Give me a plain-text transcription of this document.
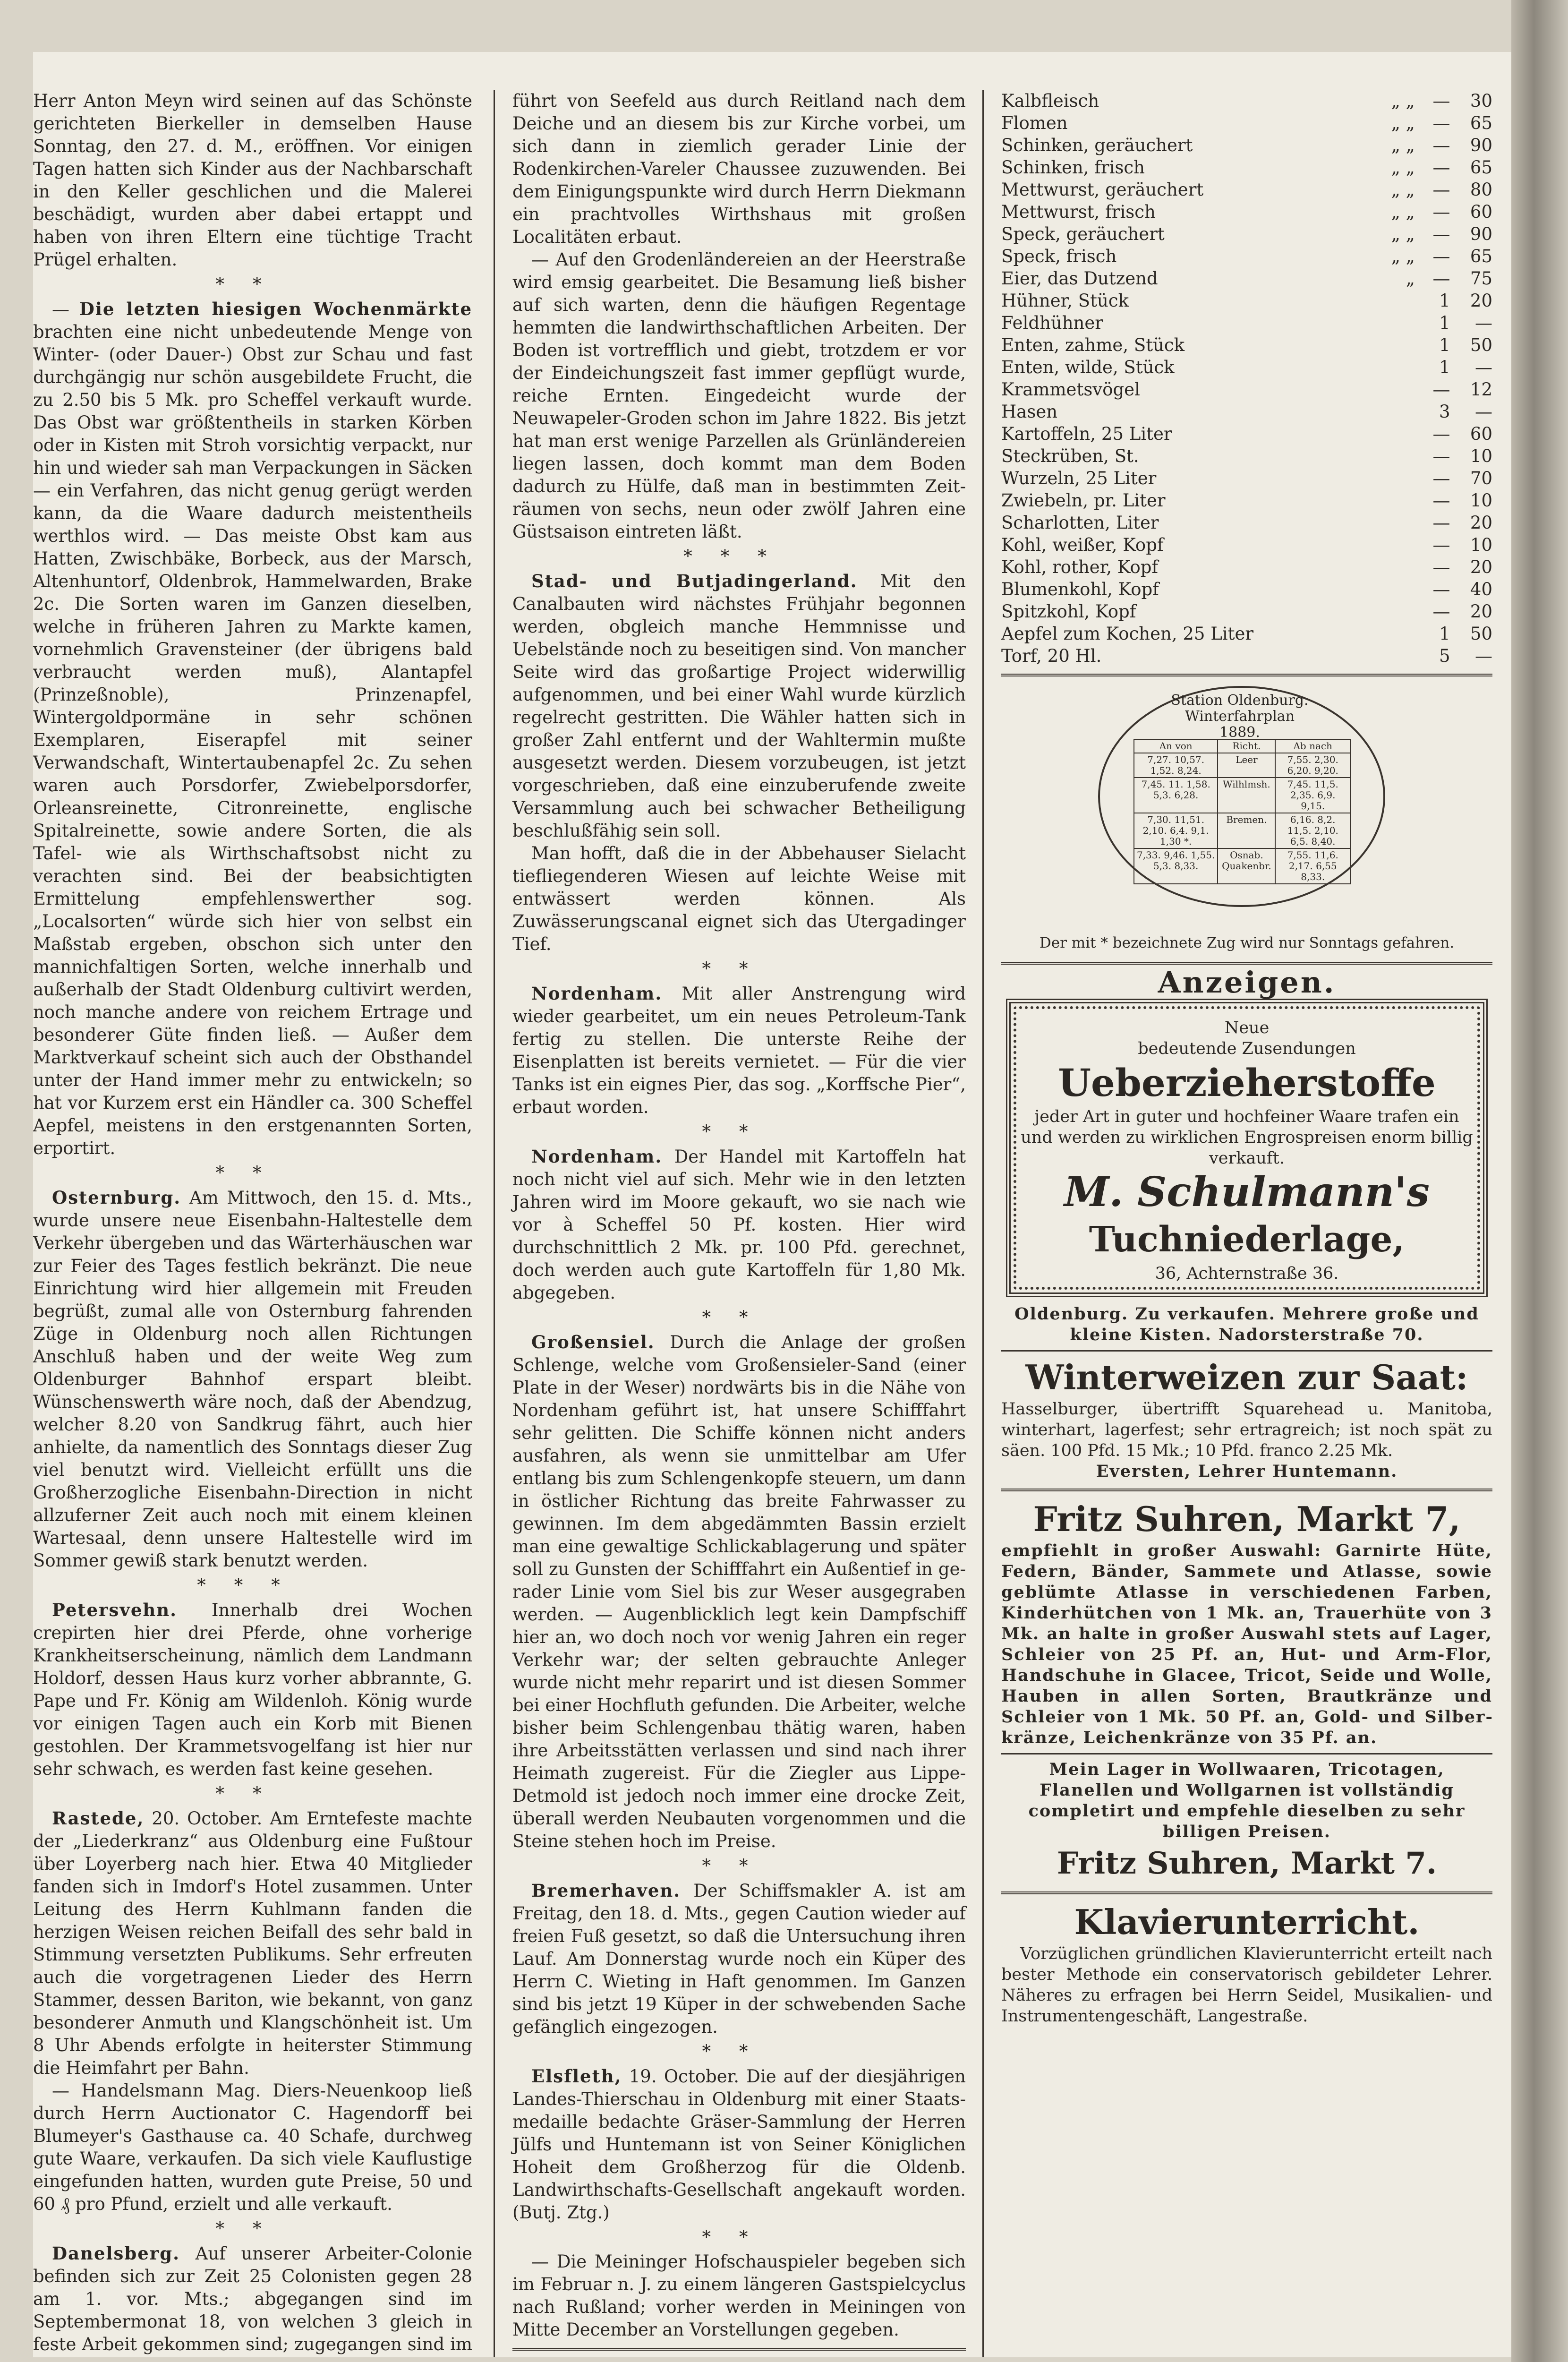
Herr Anton Meyn wird seinen auf das Schönste gerichteten Bierkeller in demselben Hause Sonntag, den 27. d. M., eröffnen. Vor einigen Tagen hatten sich Kinder aus der Nachbarschaft in den Keller geschlichen und die Malerei beschädigt, wurden aber dabei ertappt und haben von ihren Eltern eine tüchtige Tracht Prügel erhalten.

**

— Die letzten hiesigen Wochenmärkte brachten eine nicht unbedeutende Menge von Winter- (oder Dauer-) Obst zur Schau und fast durchgängig nur schön ausgebildete Frucht, die zu 2.50 bis 5 Mk. pro Scheffel verkauft wurde. Das Obst war größtentheils in starken Körben oder in Kisten mit Stroh vorsichtig verpackt, nur hin und wieder sah man Verpackungen in Säcken — ein Verfahren, das nicht genug gerügt werden kann, da die Waare dadurch meistentheils werthlos wird. — Das meiste Obst kam aus Hatten, Zwischbäke, Borbeck, aus der Marsch, Altenhuntorf, Oldenbrok, Hammelwarden, Brake 2c. Die Sorten waren im Ganzen dieselben, welche in früheren Jahren zu Markte kamen, vornehmlich Gravensteiner (der übrigens bald verbraucht werden muß), Alantapfel (Prinzeßnoble), Prinzenapfel, Wintergoldpormäne in sehr schönen Exemplaren, Eiserapfel mit seiner Verwandschaft, Wintertaubenapfel 2c. Zu sehen waren auch Porsdorfer, Zwiebelporsdorfer, Orleansreinette, Citronreinette, englische Spitalreinette, sowie andere Sorten, die als Tafel- wie als Wirthschaftsobst nicht zu verachten sind. Bei der beabsichtigten Ermittelung empfehlenswerther sog. „Localsorten“ würde sich hier von selbst ein Maßstab ergeben, obschon sich unter den mannichfaltigen Sorten, welche innerhalb und außerhalb der Stadt Oldenburg cultivirt werden, noch manche andere von reichem Ertrage und besonderer Güte finden ließ. — Außer dem Marktverkauf scheint sich auch der Obsthandel unter der Hand immer mehr zu entwickeln; so hat vor Kurzem erst ein Händler ca. 300 Scheffel Aepfel, meistens in den erstgenannten Sorten, erportirt.

**

Osternburg. Am Mittwoch, den 15. d. Mts., wurde unsere neue Eisenbahn-Haltestelle dem Verkehr übergeben und das Wärterhäuschen war zur Feier des Tages festlich bekränzt. Die neue Einrichtung wird hier allgemein mit Freuden begrüßt, zumal alle von Osternburg fahrenden Züge in Oldenburg noch allen Richtungen Anschluß haben und der weite Weg zum Oldenburger Bahnhof erspart bleibt. Wünschenswerth wäre noch, daß der Abendzug, welcher 8.20 von Sandkrug fährt, auch hier anhielte, da namentlich des Sonntags dieser Zug viel benutzt wird. Vielleicht erfüllt uns die Großherzogliche Eisenbahn-Direction in nicht allzuferner Zeit auch noch mit einem kleinen Wartesaal, denn unsere Haltestelle wird im Sommer gewiß stark benutzt werden.

***

Petersvehn. Innerhalb drei Wochen crepirten hier drei Pferde, ohne vorherige Krankheitserscheinung, nämlich dem Landmann Holdorf, dessen Haus kurz vorher abbrannte, G. Pape und Fr. König am Wildenloh. König wurde vor einigen Tagen auch ein Korb mit Bienen gestohlen. Der Krammetsvogelfang ist hier nur sehr schwach, es werden fast keine gesehen.

**

Rastede, 20. October. Am Erntefeste machte der „Liederkranz“ aus Oldenburg eine Fußtour über Loyerberg nach hier. Etwa 40 Mitglieder fanden sich in Imdorf's Hotel zusammen. Unter Leitung des Herrn Kuhlmann fanden die herzigen Weisen reichen Beifall des sehr bald in Stimmung versetzten Publikums. Sehr erfreuten auch die vorgetragenen Lieder des Herrn Stammer, dessen Bariton, wie bekannt, von ganz besonderer Anmuth und Klangschönheit ist. Um 8 Uhr Abends erfolgte in heiterster Stimmung die Heimfahrt per Bahn.

— Handelsmann Mag. Diers-Neuenkoop ließ durch Herrn Auctionator C. Hagendorff bei Blumeyer's Gasthause ca. 40 Schafe, durchweg gute Waare, verkaufen. Da sich viele Kauflustige eingefunden hatten, wurden gute Preise, 50 und 60 ₰ pro Pfund, erzielt und alle verkauft.

**

Danelsberg. Auf unserer Arbeiter-Colonie befinden sich zur Zeit 25 Colonisten gegen 28 am 1. vor. Mts.; abgegangen sind im Septembermonat 18, von welchen 3 gleich in feste Arbeit gekommen sind; zugegangen sind im

führt von Seefeld aus durch Reitland nach dem Deiche und an diesem bis zur Kirche vorbei, um sich dann in ziemlich gerader Linie der Rodenkirchen-Vareler Chaussee zuzuwenden. Bei dem Einigungspunkte wird durch Herrn Diekmann ein prachtvolles Wirthshaus mit großen Localitäten erbaut.

— Auf den Grodenländereien an der Heerstraße wird emsig gearbeitet. Die Besamung ließ bisher auf sich warten, denn die häufigen Regentage hemmten die landwirthschaftlichen Arbeiten. Der Boden ist vortrefflich und giebt, trotzdem er vor der Eindeichungszeit fast immer gepflügt wurde, reiche Ernten. Eingedeicht wurde der Neuwapeler-Groden schon im Jahre 1822. Bis jetzt hat man erst wenige Parzellen als Grünländereien liegen lassen, doch kommt man dem Boden dadurch zu Hülfe, daß man in bestimmten Zeiträumen von sechs, neun oder zwölf Jahren eine Güstsaison eintreten läßt.

***

Stad- und Butjadingerland. Mit den Canalbauten wird nächstes Frühjahr begonnen werden, obgleich manche Hemmnisse und Uebelstände noch zu beseitigen sind. Von mancher Seite wird das großartige Project widerwillig aufgenommen, und bei einer Wahl wurde kürzlich regelrecht gestritten. Die Wähler hatten sich in großer Zahl entfernt und der Wahltermin mußte ausgesetzt werden. Diesem vorzubeugen, ist jetzt vorgeschrieben, daß eine einzuberufende zweite Versammlung auch bei schwacher Betheiligung beschlußfähig sein soll.

Man hofft, daß die in der Abbehauser Sielacht tiefliegenderen Wiesen auf leichte Weise mit entwässert werden können. Als Zuwässerungscanal eignet sich das Utergadinger Tief.

**

Nordenham. Mit aller Anstrengung wird wieder gearbeitet, um ein neues Petroleum-Tank fertig zu stellen. Die unterste Reihe der Eisenplatten ist bereits vernietet. — Für die vier Tanks ist ein eignes Pier, das sog. „Korffsche Pier“, erbaut worden.

**

Nordenham. Der Handel mit Kartoffeln hat noch nicht viel auf sich. Mehr wie in den letzten Jahren wird im Moore gekauft, wo sie nach wie vor à Scheffel 50 Pf. kosten. Hier wird durchschnittlich 2 Mk. pr. 100 Pfd. gerechnet, doch werden auch gute Kartoffeln für 1,80 Mk. abgegeben.

**

Großensiel. Durch die Anlage der großen Schlenge, welche vom Großensieler-Sand (einer Plate in der Weser) nordwärts bis in die Nähe von Nordenham geführt ist, hat unsere Schifffahrt sehr gelitten. Die Schiffe können nicht anders ausfahren, als wenn sie unmittelbar am Ufer entlang bis zum Schlengenkopfe steuern, um dann in östlicher Richtung das breite Fahrwasser zu gewinnen. Im dem abgedämmten Bassin erzielt man eine gewaltige Schlickablagerung und später soll zu Gunsten der Schifffahrt ein Außentief in gerader Linie vom Siel bis zur Weser ausgegraben werden. — Augenblicklich legt kein Dampfschiff hier an, wo doch noch vor wenig Jahren ein reger Verkehr war; der selten gebrauchte Anleger wurde nicht mehr reparirt und ist diesen Sommer bei einer Hochfluth gefunden. Die Arbeiter, welche bisher beim Schlengenbau thätig waren, haben ihre Arbeitsstätten verlassen und sind nach ihrer Heimath zugereist. Für die Ziegler aus Lippe-Detmold ist jedoch noch immer eine drocke Zeit, überall werden Neubauten vorgenommen und die Steine stehen hoch im Preise.

**

Bremerhaven. Der Schiffsmakler A. ist am Freitag, den 18. d. Mts., gegen Caution wieder auf freien Fuß gesetzt, so daß die Untersuchung ihren Lauf. Am Donnerstag wurde noch ein Küper des Herrn C. Wieting in Haft genommen. Im Ganzen sind bis jetzt 19 Küper in der schwebenden Sache gefänglich eingezogen.

**

Elsfleth, 19. October. Die auf der diesjährigen Landes-Thierschau in Oldenburg mit einer Staatsmedaille bedachte Gräser-Sammlung der Herren Jülfs und Huntemann ist von Seiner Königlichen Hoheit dem Großherzog für die Oldenb. Landwirthschafts-Gesellschaft angekauft worden. (Butj. Ztg.)

**

— Die Meininger Hofschauspieler begeben sich im Februar n. J. zu einem längeren Gastspielcyclus nach Rußland; vorher werden in Meiningen von Mitte December an Vorstellungen gegeben.

Kalbfleisch	„ „	—	30
Flomen	„ „	—	65
Schinken, geräuchert	„ „	—	90
Schinken, frisch	„ „	—	65
Mettwurst, geräuchert	„ „	—	80
Mettwurst, frisch	„ „	—	60
Speck, geräuchert	„ „	—	90
Speck, frisch	„ „	—	65
Eier, das Dutzend	„	—	75
Hühner, Stück		1	20
Feldhühner		1	—
Enten, zahme, Stück		1	50
Enten, wilde, Stück		1	—
Krammetsvögel		—	12
Hasen		3	—
Kartoffeln, 25 Liter		—	60
Steckrüben, St.		—	10
Wurzeln, 25 Liter		—	70
Zwiebeln, pr. Liter		—	10
Scharlotten, Liter		—	20
Kohl, weißer, Kopf		—	10
Kohl, rother, Kopf		—	20
Blumenkohl, Kopf		—	40
Spitzkohl, Kopf		—	20
Aepfel zum Kochen, 25 Liter		1	50
Torf, 20 Hl.		5	—
Station Oldenburg.
Winterfahrplan
1889.
An von	Richt.	Ab nach
7,27. 10,57. 1,52. 8,24.	Leer	7,55. 2,30. 6,20. 9,20.
7,45. 11. 1,58. 5,3. 6,28.	Wilhlmsh.	7,45. 11,5. 2,35. 6,9. 9,15.
7,30. 11,51. 2,10. 6,4. 9,1. 1,30 *.	Bremen.	6,16. 8,2. 11,5. 2,10. 6,5. 8,40.
7,33. 9,46. 1,55. 5,3. 8,33.	Osnab. Quakenbr.	7,55. 11,6. 2,17. 6,55 8,33.
Der mit * bezeichnete Zug wird nur Sonntags gefahren.
Anzeigen.
Neue
bedeutende Zusendungen
Ueberzieherstoffe
jeder Art in guter und hochfeiner Waare trafen ein und werden zu wirklichen Engrospreisen enorm billig verkauft.
M. Schulmann's
Tuchniederlage,
36, Achternstraße 36.

Oldenburg. Zu verkaufen. Mehrere große und kleine Kisten. Nadorsterstraße 70.

Winterweizen zur Saat:

Hasselburger, übertrifft Squarehead u. Manitoba, winterhart, lagerfest; sehr ertragreich; ist noch spät zu säen. 100 Pfd. 15 Mk.; 10 Pfd. franco 2.25 Mk.

Eversten, Lehrer Huntemann.
Fritz Suhren, Markt 7,

empfiehlt in großer Auswahl: Garnirte Hüte, Federn, Bänder, Sammete und Atlasse, sowie geblümte Atlasse in verschiedenen Farben, Kinderhütchen von 1 Mk. an, Trauerhüte von 3 Mk. an halte in großer Auswahl stets auf Lager, Schleier von 25 Pf. an, Hut- und Arm-Flor, Handschuhe in Glacee, Tricot, Seide und Wolle, Hauben in allen Sorten, Brautkränze und Schleier von 1 Mk. 50 Pf. an, Gold- und Silberkränze, Leichenkränze von 35 Pf. an.

Mein Lager in Wollwaaren, Tricotagen, Flanellen und Wollgarnen ist vollständig completirt und empfehle dieselben zu sehr billigen Preisen.

Fritz Suhren, Markt 7.
Klavierunterricht.

Vorzüglichen gründlichen Klavierunterricht erteilt nach bester Methode ein conservatorisch gebildeter Lehrer. Näheres zu erfragen bei Herrn Seidel, Musikalien- und Instrumentengeschäft, Langestraße.
